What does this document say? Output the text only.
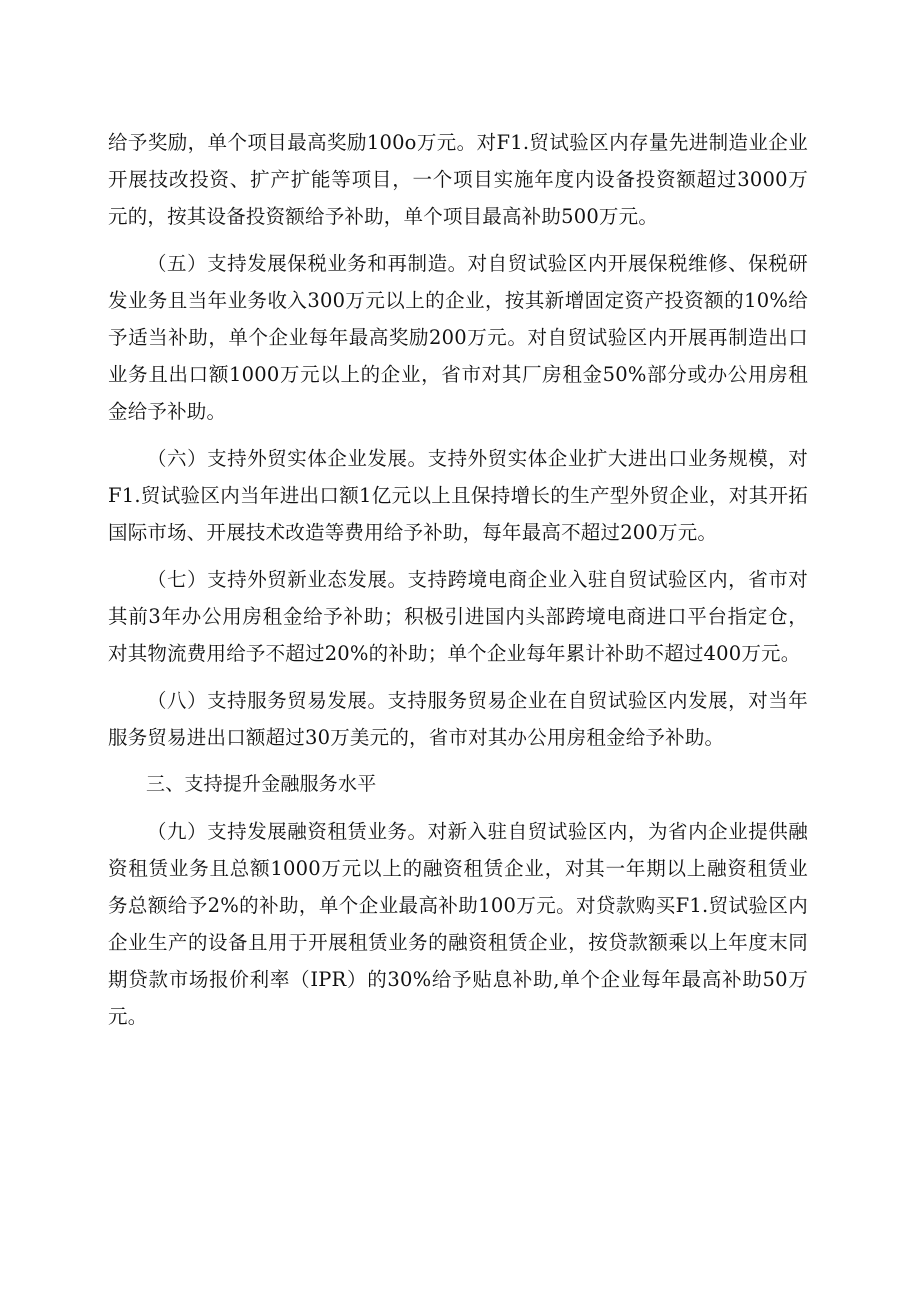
给予奖励，单个项目最高奖励100o万元。对F1.贸试验区内存量先进制造业企业开展技改投资、扩产扩能等项目，一个项目实施年度内设备投资额超过3000万元的，按其设备投资额给予补助，单个项目最高补助500万元。

（五）支持发展保税业务和再制造。对自贸试验区内开展保税维修、保税研发业务且当年业务收入300万元以上的企业，按其新增固定资产投资额的10%给予适当补助，单个企业每年最高奖励200万元。对自贸试验区内开展再制造出口业务且出口额1000万元以上的企业，省市对其厂房租金50%部分或办公用房租金给予补助。

（六）支持外贸实体企业发展。支持外贸实体企业扩大进出口业务规模，对F1.贸试验区内当年进出口额1亿元以上且保持增长的生产型外贸企业，对其开拓国际市场、开展技术改造等费用给予补助，每年最高不超过200万元。

（七）支持外贸新业态发展。支持跨境电商企业入驻自贸试验区内，省市对其前3年办公用房租金给予补助；积极引进国内头部跨境电商进口平台指定仓，对其物流费用给予不超过20%的补助；单个企业每年累计补助不超过400万元。

（八）支持服务贸易发展。支持服务贸易企业在自贸试验区内发展，对当年服务贸易进出口额超过30万美元的，省市对其办公用房租金给予补助。

三、支持提升金融服务水平

（九）支持发展融资租赁业务。对新入驻自贸试验区内，为省内企业提供融资租赁业务且总额1000万元以上的融资租赁企业，对其一年期以上融资租赁业务总额给予2%的补助，单个企业最高补助100万元。对贷款购买F1.贸试验区内企业生产的设备且用于开展租赁业务的融资租赁企业，按贷款额乘以上年度末同期贷款市场报价利率（IPR）的30%给予贴息补助,单个企业每年最高补助50万元。
